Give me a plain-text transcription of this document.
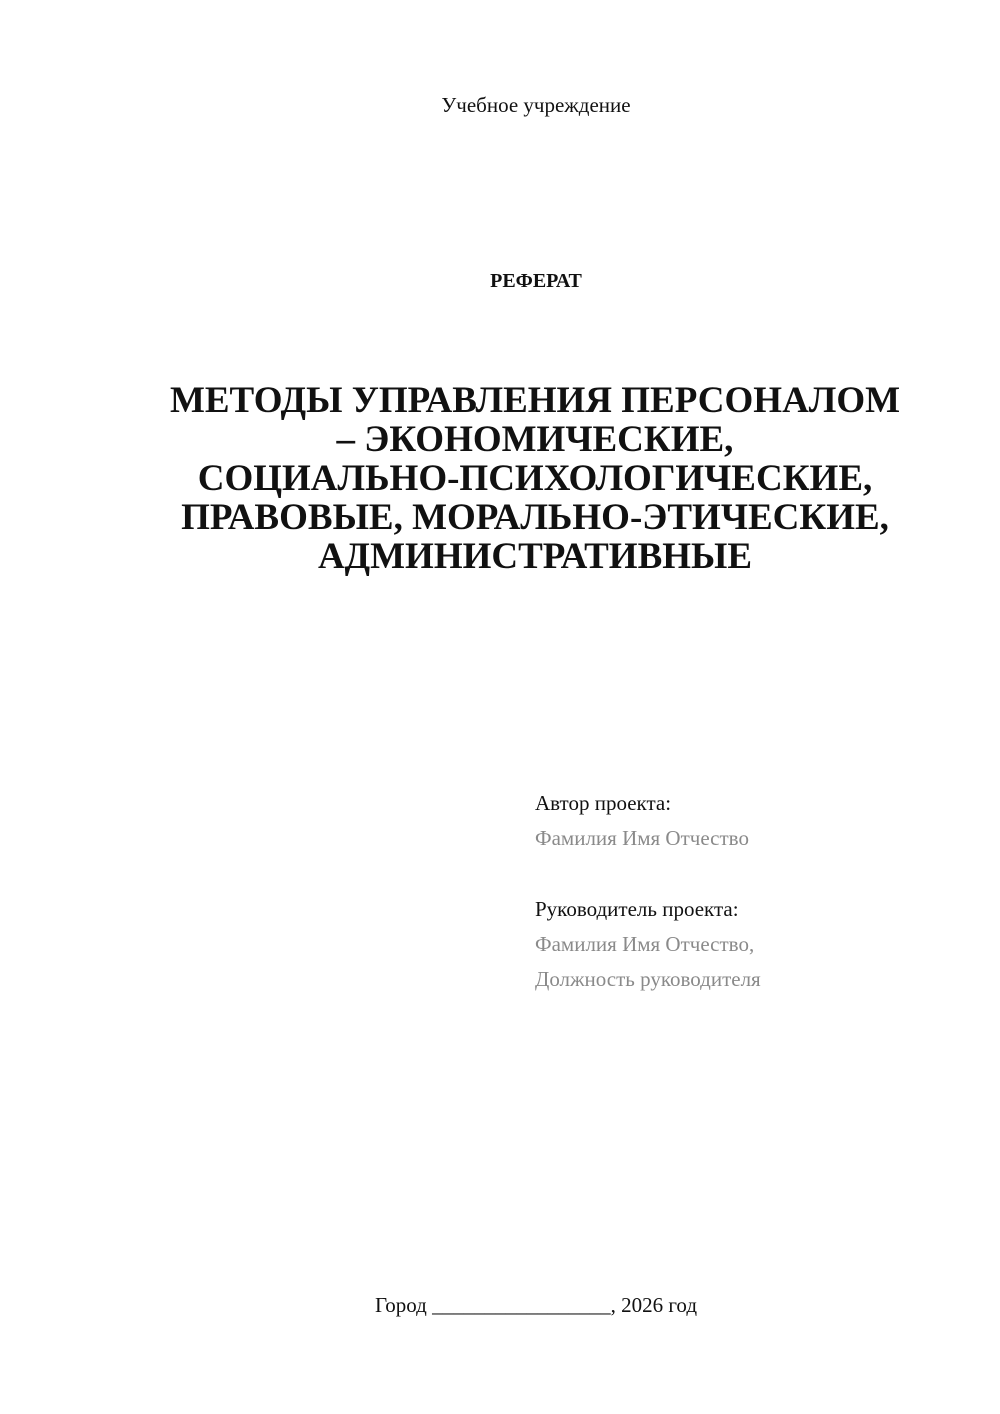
Учебное учреждение
РЕФЕРАТ
МЕТОДЫ УПРАВЛЕНИЯ ПЕРСОНАЛОМ
– ЭКОНОМИЧЕСКИЕ,
СОЦИАЛЬНО-ПСИХОЛОГИЧЕСКИЕ,
ПРАВОВЫЕ, МОРАЛЬНО-ЭТИЧЕСКИЕ,
АДМИНИСТРАТИВНЫЕ
Автор проекта:
Фамилия Имя Отчество
Руководитель проекта:
Фамилия Имя Отчество,
Должность руководителя
Город _________________, 2026 год
